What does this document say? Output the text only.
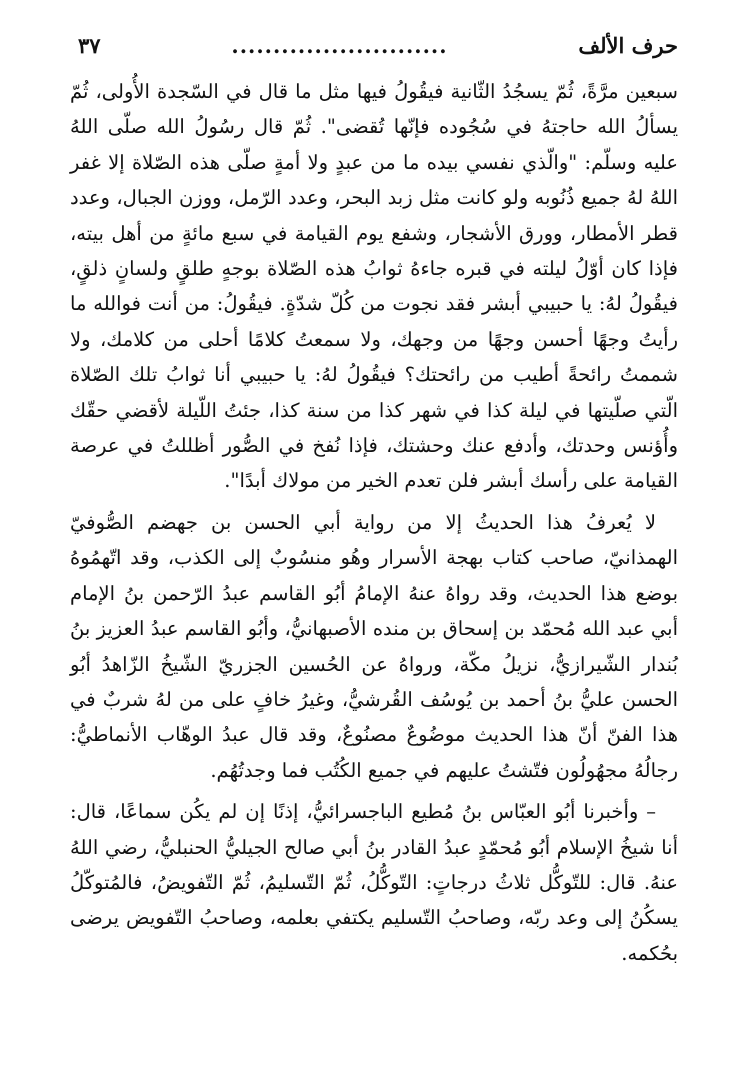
حرف الألف
..........................
٣٧

سبعين مرَّةً، ثُمّ يسجُدُ الثّانية فيقُولُ فيها مثل ما قال في السّجدة الأُولى، ثُمّ يسألُ الله حاجتهُ في سُجُوده فإنّها تُقضى". ثُمّ قال رسُولُ الله صلّى اللهُ عليه وسلّم: "والّذي نفسي بيده ما من عبدٍ ولا أمةٍ صلّى هذه الصّلاة إلا غفر اللهُ لهُ جميع ذُنُوبه ولو كانت مثل زبد البحر، وعدد الرّمل، ووزن الجبال، وعدد قطر الأمطار، وورق الأشجار، وشفع يوم القيامة في سبع مائةٍ من أهل بيته، فإذا كان أوّلُ ليلته في قبره جاءهُ ثوابُ هذه الصّلاة بوجهٍ طلقٍ ولسانٍ ذلقٍ، فيقُولُ لهُ: يا حبيبي أبشر فقد نجوت من كُلّ شدّةٍ. فيقُولُ: من أنت فوالله ما رأيتُ وجهًا أحسن وجهًا من وجهك، ولا سمعتُ كلامًا أحلى من كلامك، ولا شممتُ رائحةً أطيب من رائحتك؟ فيقُولُ لهُ: يا حبيبي أنا ثوابُ تلك الصّلاة الّتي صلّيتها في ليلة كذا في شهر كذا من سنة كذا، جئتُ اللّيلة لأقضي حقّك وأُؤنس وحدتك، وأدفع عنك وحشتك، فإذا نُفخ في الصُّور أظللتُ في عرصة القيامة على رأسك أبشر فلن تعدم الخير من مولاك أبدًا".

لا يُعرفُ هذا الحديثُ إلا من رواية أبي الحسن بن جهضم الصُّوفيّ الهمذانيّ، صاحب كتاب بهجة الأسرار وهُو منسُوبٌ إلى الكذب، وقد اتّهمُوهُ بوضع هذا الحديث، وقد رواهُ عنهُ الإمامُ أبُو القاسم عبدُ الرّحمن بنُ الإمام أبي عبد الله مُحمّد بن إسحاق بن منده الأصبهانيُّ، وأبُو القاسم عبدُ العزيز بنُ بُندار الشّيرازيُّ، نزيلُ مكّة، ورواهُ عن الحُسين الجزريّ الشّيخُ الزّاهدُ أبُو الحسن عليُّ بنُ أحمد بن يُوسُف القُرشيُّ، وغيرُ خافٍ على من لهُ شربٌ في هذا الفنّ أنّ هذا الحديث موضُوعٌ مصنُوعٌ، وقد قال عبدُ الوهّاب الأنماطيُّ: رجالُهُ مجهُولُون فتّشتُ عليهم في جميع الكُتُب فما وجدتُهُم.

– وأخبرنا أبُو العبّاس بنُ مُطيع الباجسرائيُّ، إذنًا إن لم يكُن سماعًا، قال: أنا شيخُ الإسلام أبُو مُحمّدٍ عبدُ القادر بنُ أبي صالح الجيليُّ الحنبليُّ، رضي اللهُ عنهُ. قال: للتّوكُّل ثلاثُ درجاتٍ: التّوكُّلُ، ثُمّ التّسليمُ، ثُمّ التّفويضُ، فالمُتوكّلُ يسكُنُ إلى وعد ربّه، وصاحبُ التّسليم يكتفي بعلمه، وصاحبُ التّفويض يرضى بحُكمه.
